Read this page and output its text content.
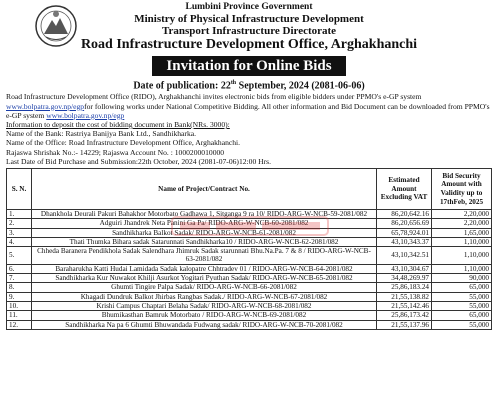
Lumbini Province Government
Ministry of Physical Infrastructure Development
Transport Infrastructure Directorate
Road Infrastructure Development Office, Arghakhanchi
Invitation for Online Bids
Date of publication: 22th September, 2024 (2081-06-06)

Road Infrastructure Development Office (RIDO), Arghakhanchi invites electronic bids from eligible bidders under PPMO's e-GP system www.bolpatra.gov.np/egpfor following works under National Competitive Bidding. All other information and Bid Document can be downloaded from PPMO's e-GP system www.bolpatra.gov.np/egp

Information to deposit the cost of bidding document in Bank(NRs. 3000):

Name of the Bank: Rastriya Banijya Bank Ltd., Sandhikharka.

Name of the Office: Road Infrastructure Development Office, Arghakhanchi.

Rajaswa Shrishak No.:- 14229; Rajaswa Account No. : 1000200010000

Last Date of Bid Purchase and Submission:22th October, 2024 (2081-07-06)12:00 Hrs.

S. N.	Name of Project/Contract No.	Estimated Amount Excluding VAT	Bid Security Amount with Validity up to 17thFeb, 2025
1.	Dhankhola Deurali Pakuri Bahakhor Motorbato Gadhawa 1, Sitganga 9 ra 10/ RIDO-ARG-W-NCB-59-2081/082	86,20,642.16	2,20,000
2.	Adguiri Jhandrek Neta Panini Ga Pa/ RIDO-ARG-W-NCB-60-2081/082	86,20,656.69	2,20,000
3.	Sandhikharka Balkot Sadak/ RIDO-ARG-W-NCB-61-2081/082	65,78,924.01	1,65,000
4.	Thati Thumka Bihara sadak Satarunnati Sandhikharka10 / RIDO-ARG-W-NCB-62-2081/082	43,10,343.37	1,10,000
5.	Chheda Baranera Pendikhola Sadak Salendhara Jhimruk Sadak starunnati Bhu.Na.Pa. 7 & 8 / RIDO-ARG-W-NCB-63-2081/082	43,10,342.51	1,10,000
6.	Baraharukha Katti Hudai Lamidada Sadak kalopatre Chhtradev 01 / RIDO-ARG-W-NCB-64-2081/082	43,10,304.67	1,10,000
7.	Sandhikharka Kur Nuwakot Khilji Asurkot Yogitari Pyuthan Sadak/ RIDO-ARG-W-NCB-65-2081/082	34,48,269.97	90,000
8.	Ghumti Tingire Palpa Sadak/ RIDO-ARG-W-NCB-66-2081/082	25,86,183.24	65,000
9.	Khagadi Dundruk Balkot Jhirbas Rangbas Sadak./ RIDO-ARG-W-NCB-67-2081/082	21,55,138.82	55,000
10.	Krishi Campus Chaptari Belaha Sadak/ RIDO-ARG-W-NCB-68-2081/082	21,55,142.46	55,000
11.	Bhumikasthan Bamruk Motorbato / RIDO-ARG-W-NCB-69-2081/082	25,86,173.42	65,000
12.	Sandhikharka Na pa 6 Ghumti Bhuwandada Fudwang sadak/ RIDO-ARG-W-NCB-70-2081/082	21,55,137.96	55,000
